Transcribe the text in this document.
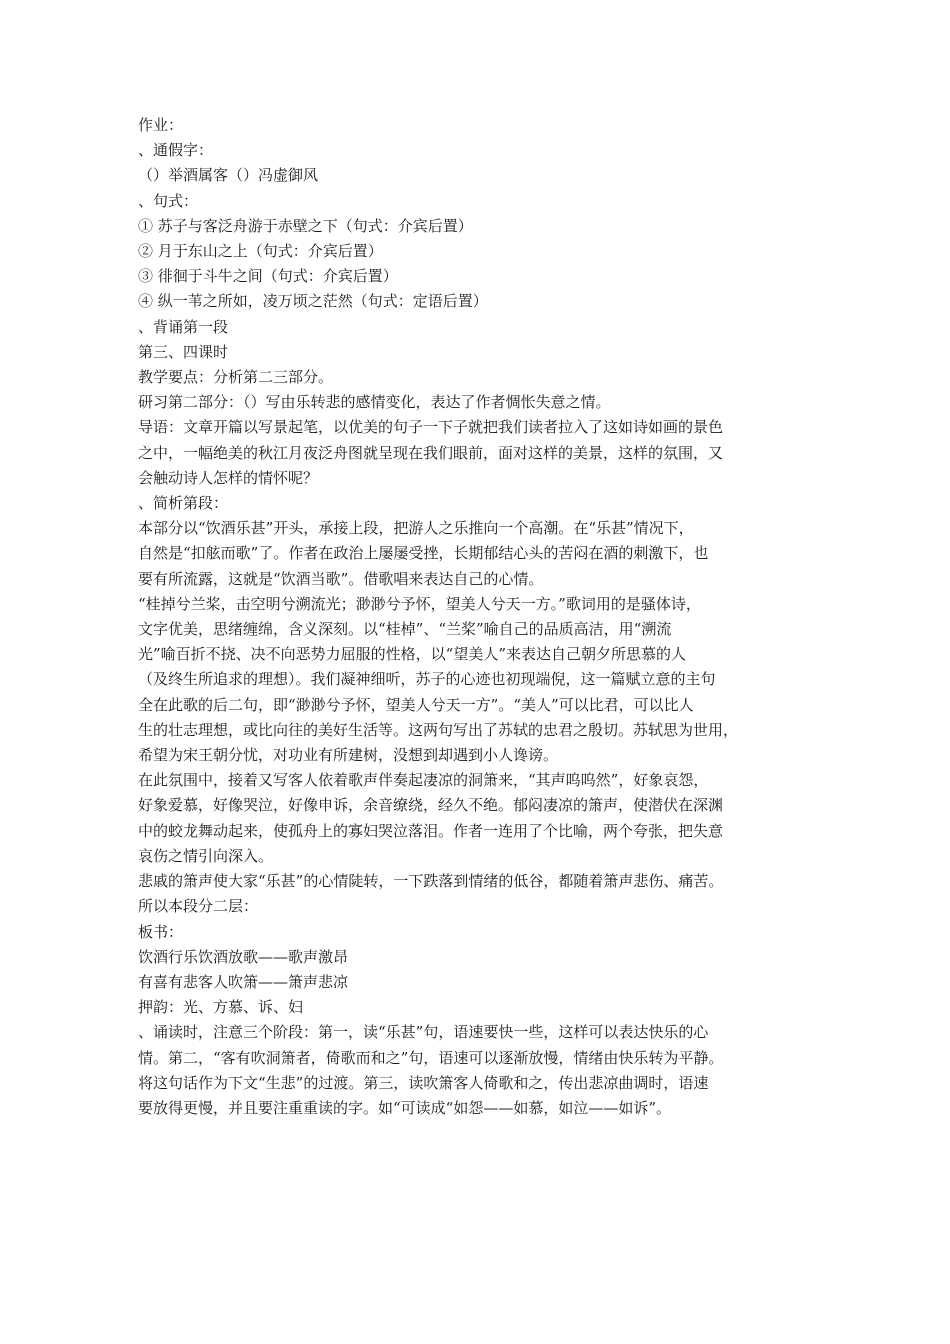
作业：
、通假字：
（）举酒属客（）冯虚御风
、句式：
① 苏子与客泛舟游于赤壁之下（句式：介宾后置）
② 月于东山之上（句式：介宾后置）
③ 徘徊于斗牛之间（句式：介宾后置）
④ 纵一苇之所如，凌万顷之茫然（句式：定语后置）
、背诵第一段
第三、四课时
教学要点：分析第二三部分。
研习第二部分：（）写由乐转悲的感情变化，表达了作者惆怅失意之情。
导语：文章开篇以写景起笔，以优美的句子一下子就把我们读者拉入了这如诗如画的景色
之中，一幅绝美的秋江月夜泛舟图就呈现在我们眼前，面对这样的美景，这样的氛围，又
会触动诗人怎样的情怀呢？
、简析第段：
本部分以“饮酒乐甚”开头，承接上段，把游人之乐推向一个高潮。在“乐甚”情况下，
自然是“扣舷而歌”了。作者在政治上屡屡受挫，长期郁结心头的苦闷在酒的刺激下，也
要有所流露，这就是“饮酒当歌”。借歌唱来表达自己的心情。
“桂掉兮兰桨，击空明兮溯流光；渺渺兮予怀，望美人兮天一方。”歌词用的是骚体诗，
文字优美，思绪缠绵，含义深刻。以“桂棹”、“兰桨”喻自己的品质高洁，用“溯流
光”喻百折不挠、决不向恶势力屈服的性格，以“望美人”来表达自己朝夕所思慕的人
（及终生所追求的理想）。我们凝神细听，苏子的心迹也初现端倪，这一篇赋立意的主句
全在此歌的后二句，即“渺渺兮予怀，望美人兮天一方”。“美人”可以比君，可以比人
生的壮志理想，或比向往的美好生活等。这两句写出了苏轼的忠君之殷切。苏轼思为世用，
希望为宋王朝分忧，对功业有所建树，没想到却遇到小人谗谤。
在此氛围中，接着又写客人依着歌声伴奏起凄凉的洞箫来，“其声呜呜然”，好象哀怨，
好象爱慕，好像哭泣，好像申诉，余音缭绕，经久不绝。郁闷凄凉的箫声，使潜伏在深渊
中的蛟龙舞动起来，使孤舟上的寡妇哭泣落泪。作者一连用了个比喻，两个夸张，把失意
哀伤之情引向深入。
悲戚的箫声使大家“乐甚”的心情陡转，一下跌落到情绪的低谷，都随着箫声悲伤、痛苦。
所以本段分二层：
板书：
饮酒行乐饮酒放歌——歌声激昂
有喜有悲客人吹箫——箫声悲凉
押韵：光、方慕、诉、妇
、诵读时，注意三个阶段：第一，读“乐甚”句，语速要快一些，这样可以表达快乐的心
情。第二，“客有吹洞箫者，倚歌而和之”句，语速可以逐渐放慢，情绪由快乐转为平静。
将这句话作为下文“生悲”的过渡。第三，读吹箫客人倚歌和之，传出悲凉曲调时，语速
要放得更慢，并且要注重重读的字。如“可读成“如怨——如慕，如泣——如诉”。
